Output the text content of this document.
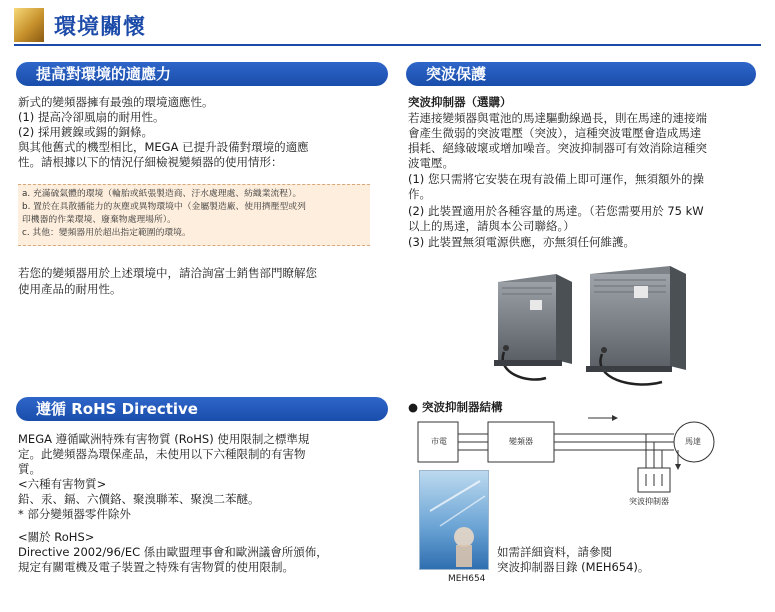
環境關懷
提高對環境的適應力
新式的變頻器擁有最強的環境適應性。
(1) 提高冷卻風扇的耐用性。
(2) 採用鍍鎳或錫的銅條。
與其他舊式的機型相比，MEGA 已提升設備對環境的適應
性。請根據以下的情況仔細檢視變頻器的使用情形：
a. 充滿硫氣體的環境（輪胎或紙張製造商、汙水處理處、紡織業流程）。
b. 置於在具散播能力的灰塵或異物環境中（金屬製造廠、使用擠壓型或列
印機器的作業環境、廢棄物處理場所）。
c. 其他：變頻器用於超出指定範圍的環境。
若您的變頻器用於上述環境中，請洽詢富士銷售部門瞭解您
使用產品的耐用性。
遵循 RoHS Directive
MEGA 遵循歐洲特殊有害物質 (RoHS) 使用限制之標準規
定。此變頻器為環保產品，未使用以下六種限制的有害物
質。
<六種有害物質>
鉛、汞、鎘、六價鉻、聚溴聯苯、聚溴二苯醚。
* 部分變頻器零件除外
<關於 RoHS>
Directive 2002/96/EC 係由歐盟理事會和歐洲議會所頒佈，
規定有關電機及電子裝置之特殊有害物質的使用限制。
突波保護
突波抑制器（選購）
若連接變頻器與電池的馬達驅動線過長，則在馬達的連接端
會產生微弱的突波電壓（突波），這種突波電壓會造成馬達
損耗、絕緣破壞或增加噪音。突波抑制器可有效消除這種突
波電壓。
(1) 您只需將它安裝在現有設備上即可運作，無須額外的操
作。
(2) 此裝置適用於各種容量的馬達。（若您需要用於 75 kW
以上的馬達，請與本公司聯絡。）
(3) 此裝置無須電源供應，亦無須任何維護。
● 突波抑制器結構
市電	變頻器	馬達
突波抑制器
MEH654
如需詳細資料，請參閱
突波抑制器目錄 (MEH654)。
